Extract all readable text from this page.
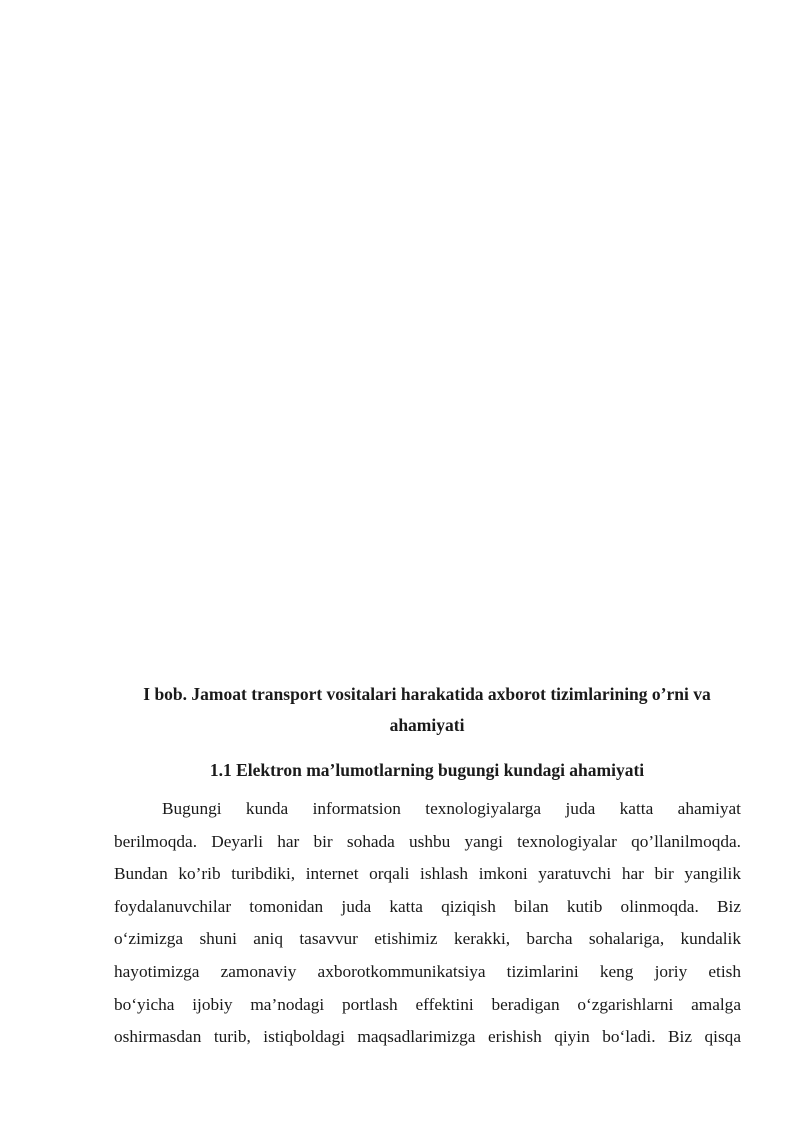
I bob. Jamoat transport vositalari harakatida axborot tizimlarining o’rni va
ahamiyati
1.1 Elektron ma’lumotlarning bugungi kundagi ahamiyati
Bugungi kunda informatsion texnologiyalarga juda katta ahamiyat
berilmoqda. Deyarli har bir sohada ushbu yangi texnologiyalar qo’llanilmoqda.
Bundan ko’rib turibdiki, internet orqali ishlash imkoni yaratuvchi har bir yangilik
foydalanuvchilar tomonidan juda katta qiziqish bilan kutib olinmoqda. Biz
o‘zimizga shuni aniq tasavvur etishimiz kerakki, barcha sohalariga, kundalik
hayotimizga zamonaviy axborotkommunikatsiya tizimlarini keng joriy etish
bo‘yicha ijobiy ma’nodagi portlash effektini beradigan o‘zgarishlarni amalga
oshirmasdan turib, istiqboldagi maqsadlarimizga erishish qiyin bo‘ladi. Biz qisqa
